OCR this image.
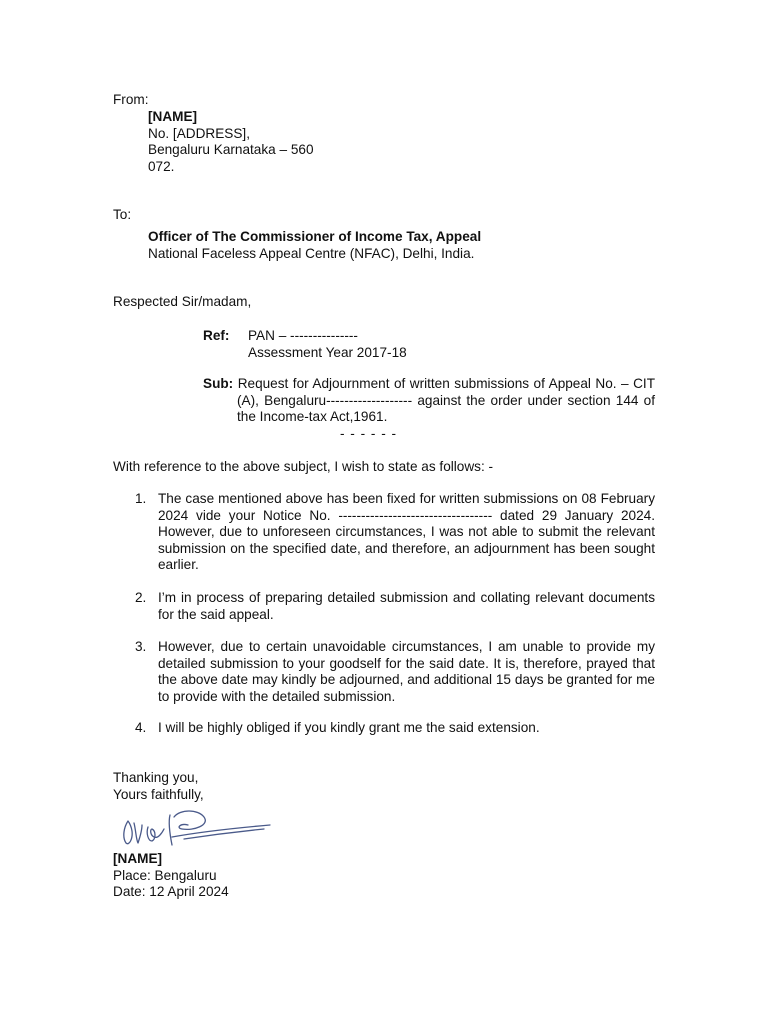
From:
[NAME]
No. [ADDRESS],
Bengaluru Karnataka – 560
072.
To:
Officer of The Commissioner of Income Tax, Appeal
National Faceless Appeal Centre (NFAC), Delhi, India.
Respected Sir/madam,
Ref: PAN – ---------------
Assessment Year 2017-18
Sub: Request for Adjournment of written submissions of Appeal No. – CIT (A), Bengaluru------------------- against the order under section 144 of the Income-tax Act,1961.
- - - - - -
With reference to the above subject, I wish to state as follows: -
1. The case mentioned above has been fixed for written submissions on 08 February 2024 vide your Notice No. ---------------------------------- dated 29 January 2024. However, due to unforeseen circumstances, I was not able to submit the relevant submission on the specified date, and therefore, an adjournment has been sought earlier.
2. I’m in process of preparing detailed submission and collating relevant documents for the said appeal.
3. However, due to certain unavoidable circumstances, I am unable to provide my detailed submission to your goodself for the said date. It is, therefore, prayed that the above date may kindly be adjourned, and additional 15 days be granted for me to provide with the detailed submission.
4. I will be highly obliged if you kindly grant me the said extension.
Thanking you,
Yours faithfully,
[NAME]
Place: Bengaluru
Date: 12 April 2024
